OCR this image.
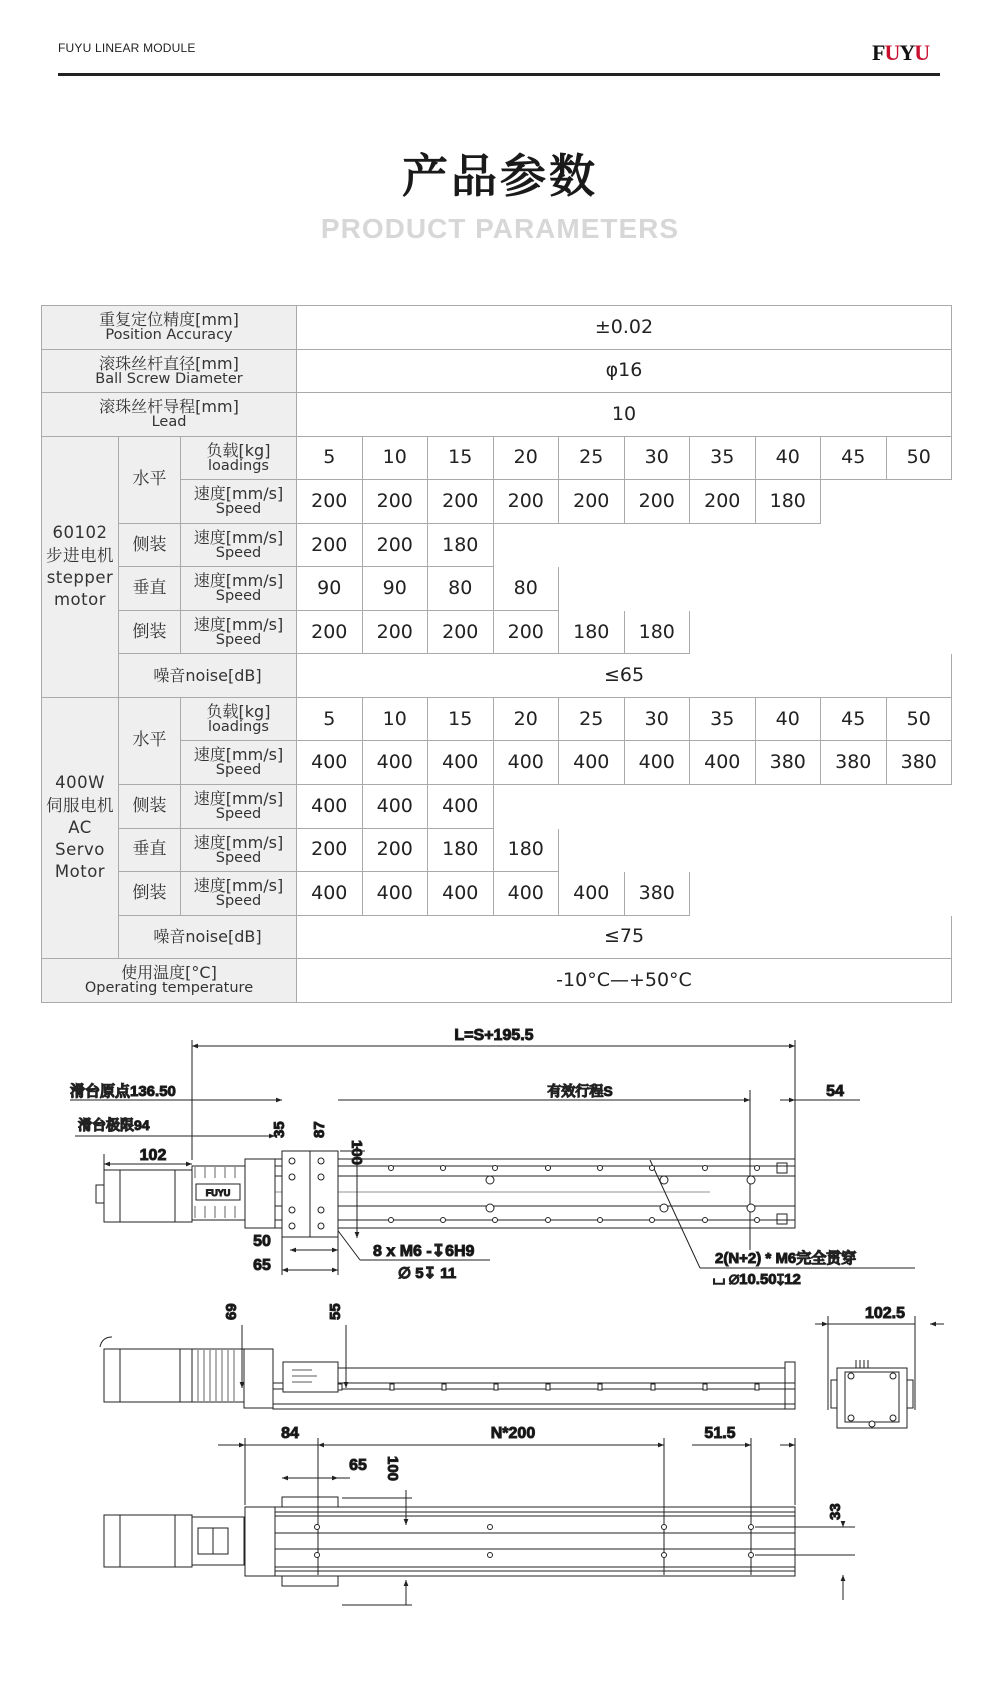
FUYU LINEAR MODULE	FUYU
产品参数
PRODUCT PARAMETERS
重复定位精度[mm]
Position Accuracy	±0.02
滚珠丝杆直径[mm]
Ball Screw Diameter	φ16
滚珠丝杆导程[mm]
Lead	10
60102
步进电机
stepper
motor
水平
负载[kg]
loadings	5 10 15 20 25 30 35 40 45 50
速度[mm/s]
Speed	200 200 200 200 200 200 200 180
侧装 速度[mm/s]
Speed	200 200 180
垂直 速度[mm/s]
Speed	90 90 80 80
倒装 速度[mm/s]
Speed	200 200 200 200 180 180
噪音noise[dB]	≤65
400W
伺服电机
AC
Servo
Motor
水平
负载[kg]
loadings	5 10 15 20 25 30 35 40 45 50
速度[mm/s]
Speed	400 400 400 400 400 400 400 380 380 380
侧装 速度[mm/s]
Speed	400 400 400
垂直 速度[mm/s]
Speed	200 200 180 180
倒装 速度[mm/s]
Speed	400 400 400 400 400 380
噪音noise[dB]	≤75
使用温度[°C]
Operating temperature	-10°C—+50°C
L=S+195.5
滑台原点136.50	有效行程S	54
滑台极限94
102
35 87
100
50
65
8 x M6 -↧6H9
∅ 5↧ 11
2(N+2) * M6完全贯穿
⌴ ∅10.50↧12
FUYU
69	55	102.5
84	N*200	51.5
65 100
33
